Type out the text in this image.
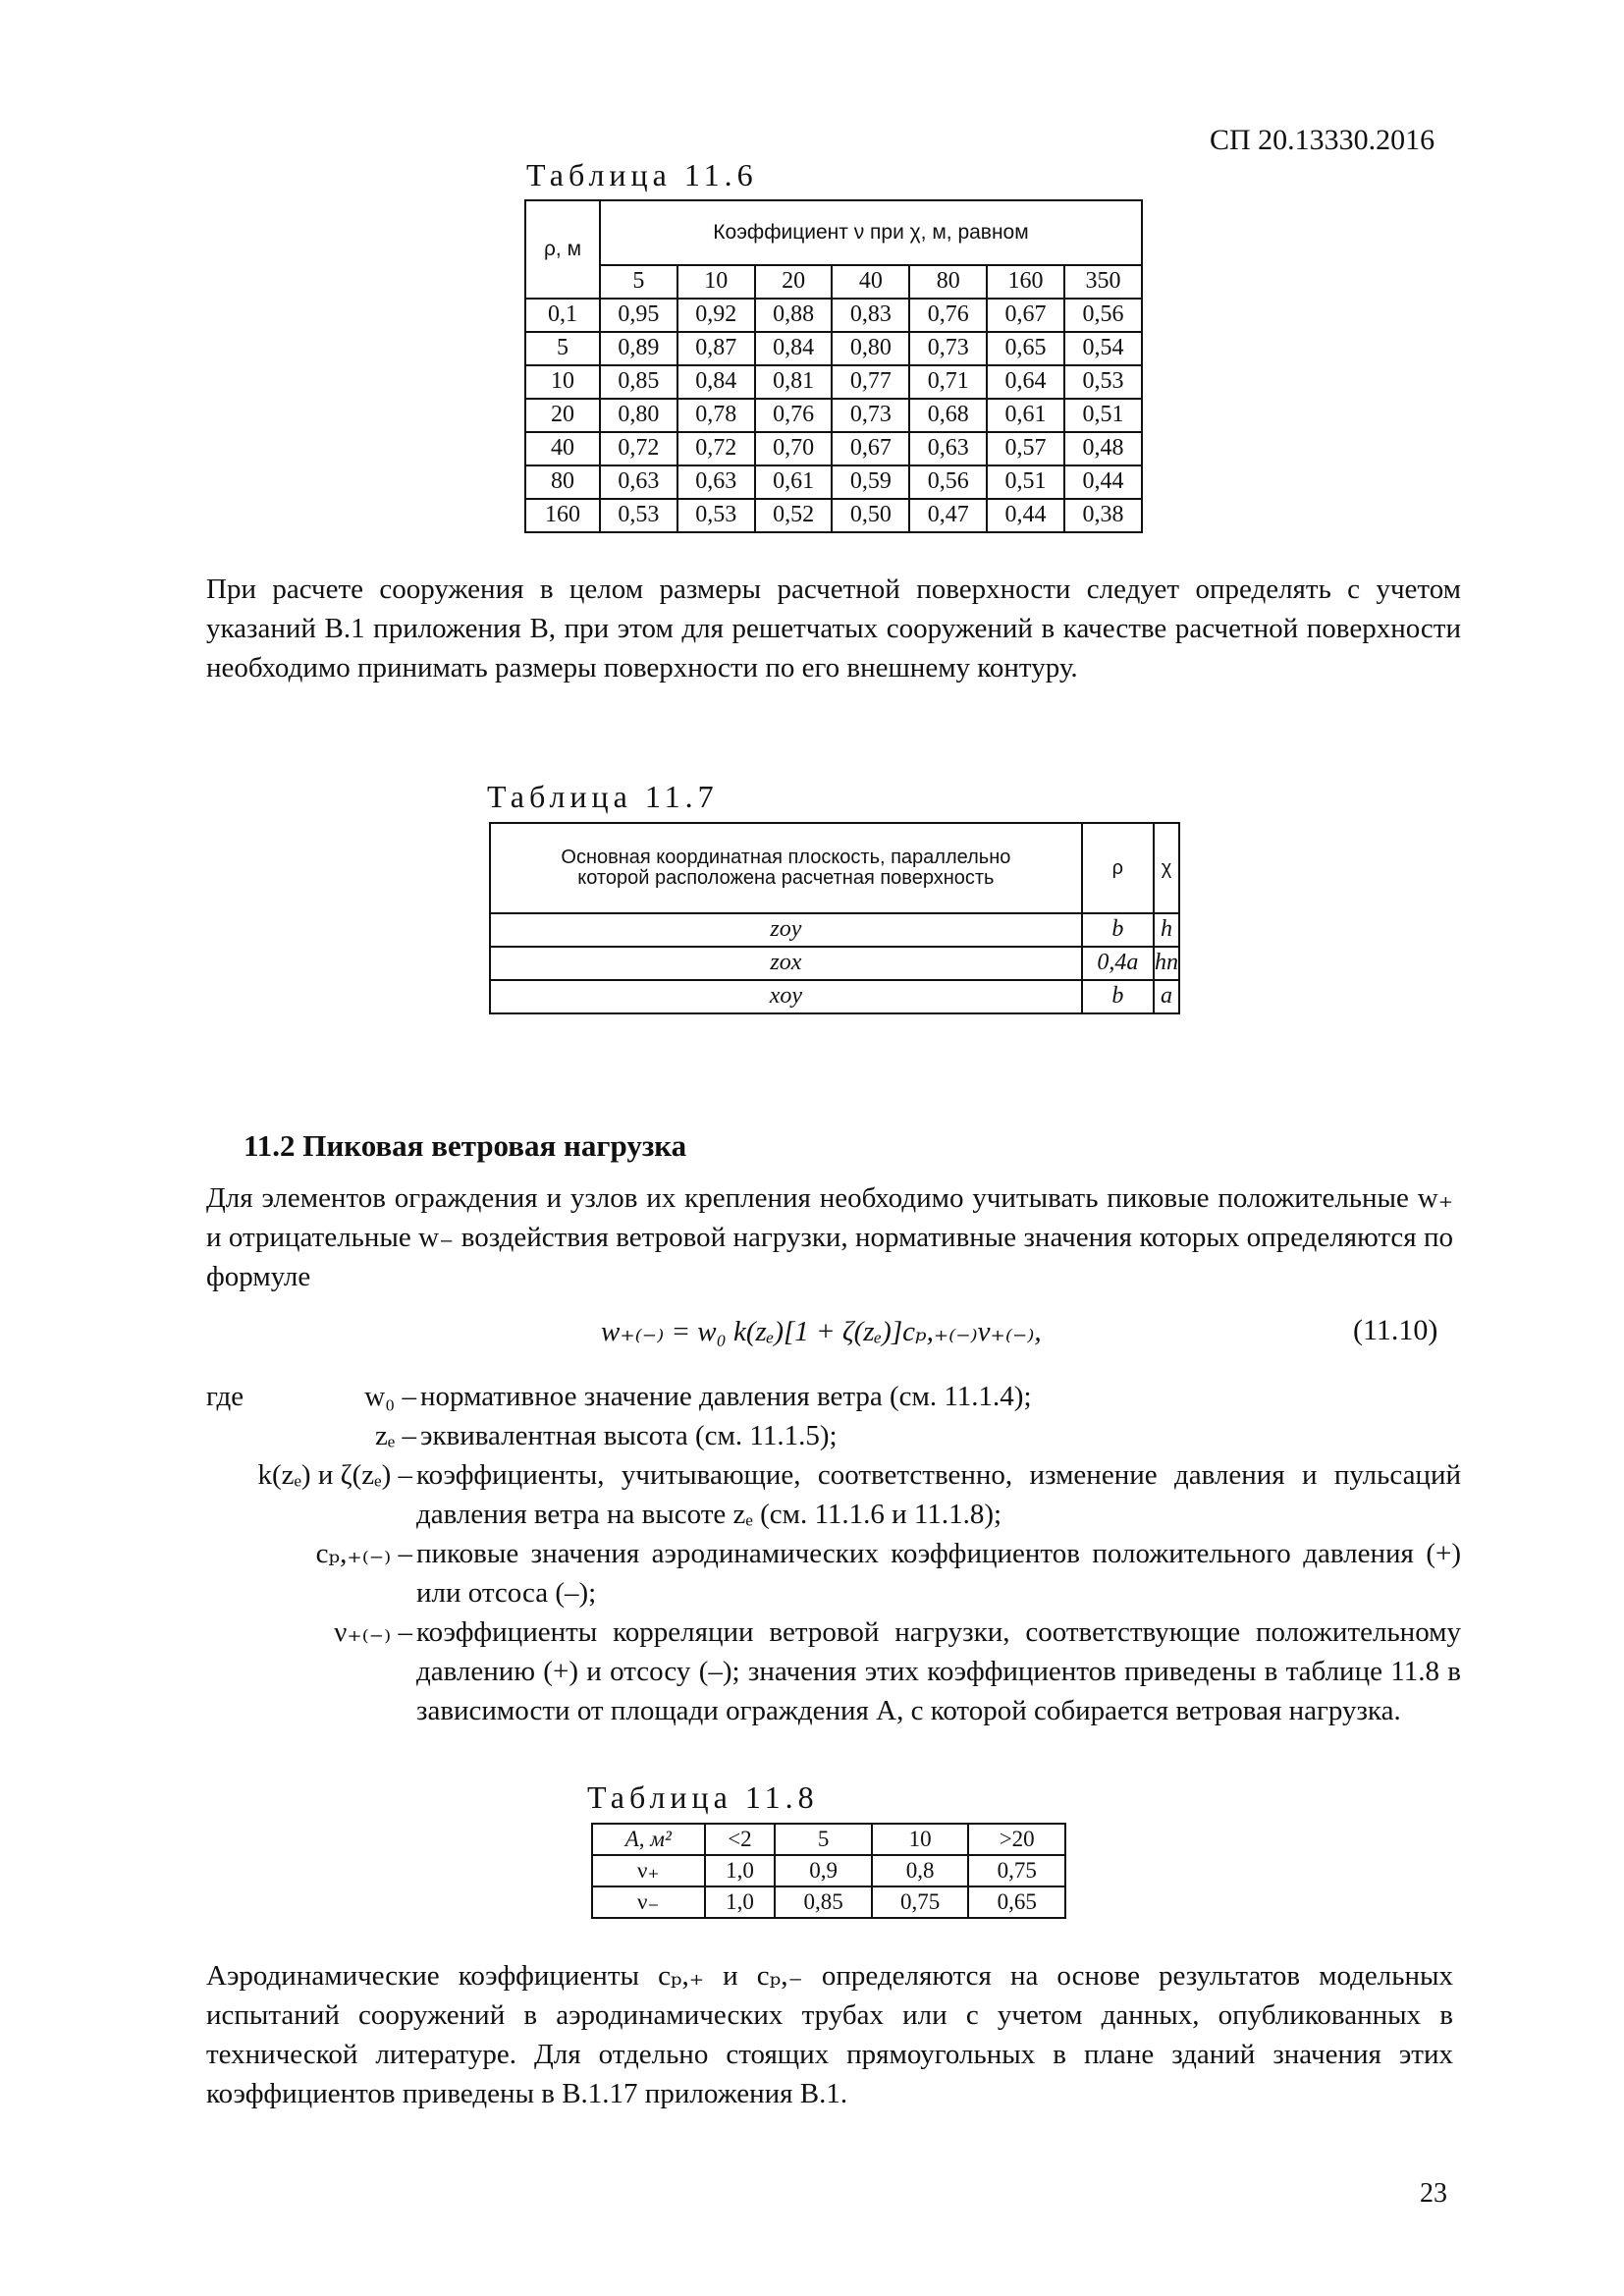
СП 20.13330.2016
Таблица 11.6
ρ, м	Коэффициент ν при χ, м, равном						
	5	10	20	40	80	160	350
0,1	0,95	0,92	0,88	0,83	0,76	0,67	0,56
5	0,89	0,87	0,84	0,80	0,73	0,65	0,54
10	0,85	0,84	0,81	0,77	0,71	0,64	0,53
20	0,80	0,78	0,76	0,73	0,68	0,61	0,51
40	0,72	0,72	0,70	0,67	0,63	0,57	0,48
80	0,63	0,63	0,61	0,59	0,56	0,51	0,44
160	0,53	0,53	0,52	0,50	0,47	0,44	0,38
При расчете сооружения в целом размеры расчетной поверхности следует определять с учетом указаний В.1 приложения В, при этом для решетчатых сооружений в качестве расчетной поверхности необходимо принимать размеры поверхности по его внешнему контуру.
Таблица 11.7
Основная координатная плоскость, параллельно которой расположена расчетная поверхность	ρ	χ
zoy	b	h
zox	0,4a	hn
xoy	b	a
11.2 Пиковая ветровая нагрузка
Для элементов ограждения и узлов их крепления необходимо учитывать пиковые положительные w₊ и отрицательные w₋ воздействия ветровой нагрузки, нормативные значения которых определяются по формуле
w₊₍₋₎ = w₀ k(zₑ)[1 + ζ(zₑ)]cₚ,₊₍₋₎ν₊₍₋₎,	(11.10)
где	w₀ – нормативное значение давления ветра (см. 11.1.4);
zₑ – эквивалентная высота (см. 11.1.5);
k(zₑ) и ζ(zₑ) – коэффициенты, учитывающие, соответственно, изменение давления и пульсаций давления ветра на высоте zₑ (см. 11.1.6 и 11.1.8);
cₚ,₊₍₋₎ – пиковые значения аэродинамических коэффициентов положительного давления (+) или отсоса (–);
ν₊₍₋₎ – коэффициенты корреляции ветровой нагрузки, соответствующие положительному давлению (+) и отсосу (–); значения этих коэффициентов приведены в таблице 11.8 в зависимости от площади ограждения A, с которой собирается ветровая нагрузка.
Таблица 11.8
A, м²	<2	5	10	>20
ν₊	1,0	0,9	0,8	0,75
ν₋	1,0	0,85	0,75	0,65
Аэродинамические коэффициенты cₚ,₊ и cₚ,₋ определяются на основе результатов модельных испытаний сооружений в аэродинамических трубах или с учетом данных, опубликованных в технической литературе. Для отдельно стоящих прямоугольных в плане зданий значения этих коэффициентов приведены в В.1.17 приложения В.1.
23
